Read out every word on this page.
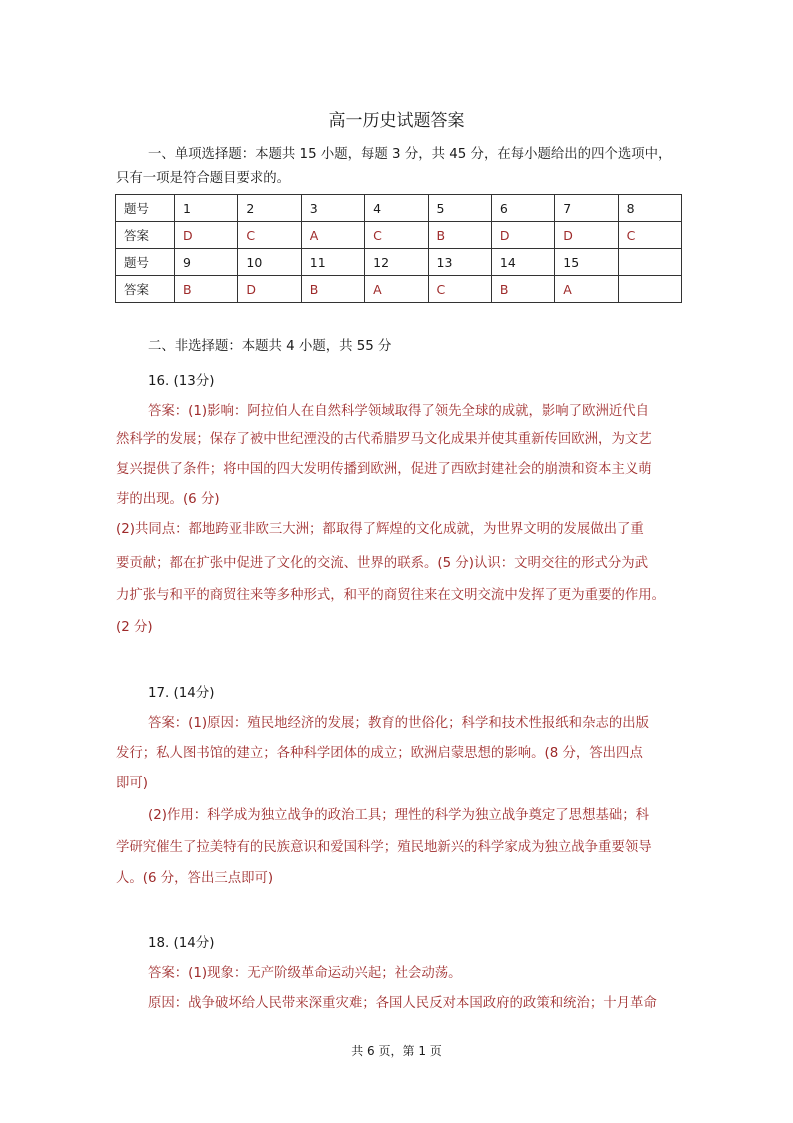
高一历史试题答案
一、单项选择题：本题共 15 小题，每题 3 分，共 45 分，在每小题给出的四个选项中，
只有一项是符合题目要求的。
题号	1	2	3	4	5	6	7	8
答案	D	C	A	C	B	D	D	C
题号	9	10	11	12	13	14	15	
答案	B	D	B	A	C	B	A	
二、非选择题：本题共 4 小题，共 55 分
16. (13分)
答案：(1)影响：阿拉伯人在自然科学领域取得了领先全球的成就，影响了欧洲近代自
然科学的发展；保存了被中世纪湮没的古代希腊罗马文化成果并使其重新传回欧洲，为文艺
复兴提供了条件；将中国的四大发明传播到欧洲，促进了西欧封建社会的崩溃和资本主义萌
芽的出现。(6 分)
(2)共同点：都地跨亚非欧三大洲；都取得了辉煌的文化成就，为世界文明的发展做出了重
要贡献；都在扩张中促进了文化的交流、世界的联系。(5 分)认识：文明交往的形式分为武
力扩张与和平的商贸往来等多种形式，和平的商贸往来在文明交流中发挥了更为重要的作用。
(2 分)
17. (14分)
答案：(1)原因：殖民地经济的发展；教育的世俗化；科学和技术性报纸和杂志的出版
发行；私人图书馆的建立；各种科学团体的成立；欧洲启蒙思想的影响。(8 分，答出四点
即可)
(2)作用：科学成为独立战争的政治工具；理性的科学为独立战争奠定了思想基础；科
学研究催生了拉美特有的民族意识和爱国科学；殖民地新兴的科学家成为独立战争重要领导
人。(6 分，答出三点即可)
18. (14分)
答案：(1)现象：无产阶级革命运动兴起；社会动荡。
原因：战争破坏给人民带来深重灾难；各国人民反对本国政府的政策和统治；十月革命
共 6 页，第 1 页
